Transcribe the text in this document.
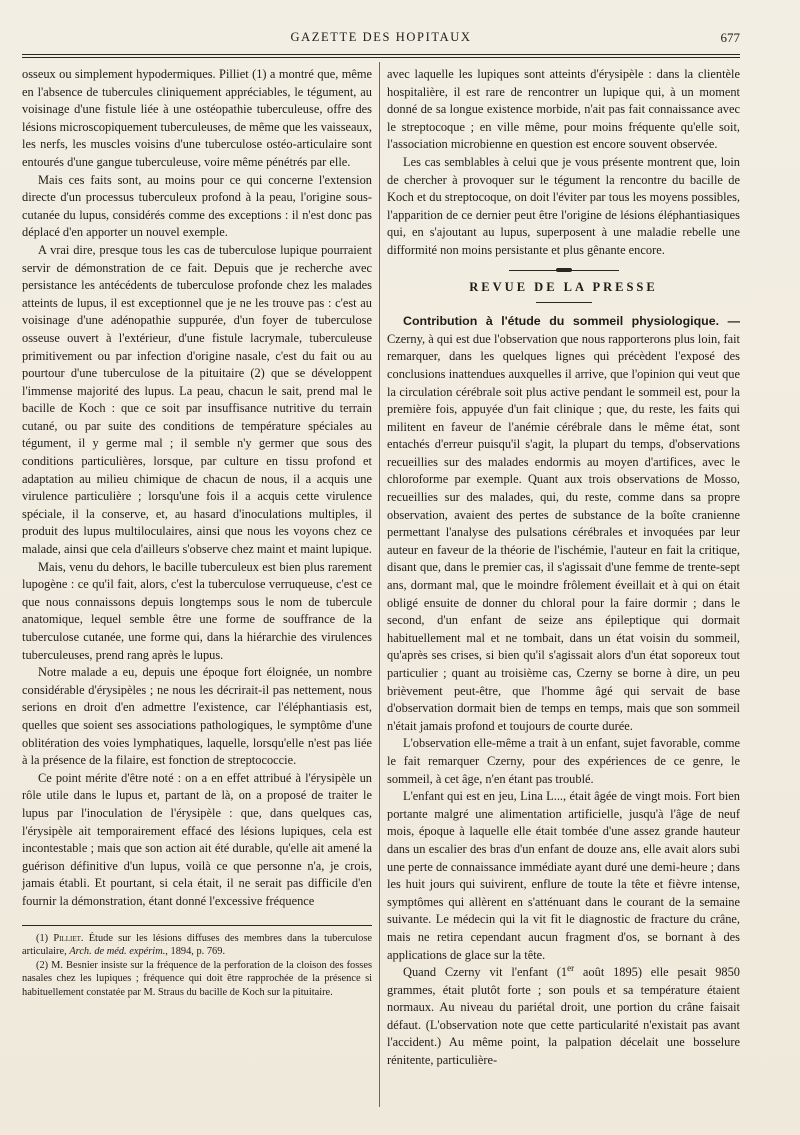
GAZETTE DES HOPITAUX	677

osseux ou simplement hypodermiques. Pilliet (1) a montré que, même en l'absence de tubercules cliniquement appréciables, le tégument, au voisinage d'une fistule liée à une ostéopathie tuberculeuse, offre des lésions microscopiquement tuberculeuses, de même que les vaisseaux, les nerfs, les muscles voisins d'une tuberculose ostéo-articulaire sont entourés d'une gangue tuberculeuse, voire même pénétrés par elle.

Mais ces faits sont, au moins pour ce qui concerne l'extension directe d'un processus tuberculeux profond à la peau, l'origine sous-cutanée du lupus, considérés comme des exceptions : il n'est donc pas déplacé d'en apporter un nouvel exemple.

A vrai dire, presque tous les cas de tuberculose lupique pourraient servir de démonstration de ce fait. Depuis que je recherche avec persistance les antécédents de tuberculose profonde chez les malades atteints de lupus, il est exceptionnel que je ne les trouve pas : c'est au voisinage d'une adénopathie suppurée, d'un foyer de tuberculose osseuse ouvert à l'extérieur, d'une fistule lacrymale, tuberculeuse primitivement ou par infection d'origine nasale, c'est du fait ou au pourtour d'une tuberculose de la pituitaire (2) que se développent l'immense majorité des lupus. La peau, chacun le sait, prend mal le bacille de Koch : que ce soit par insuffisance nutritive du terrain cutané, ou par suite des conditions de température spéciales au tégument, il y germe mal ; il semble n'y germer que sous des conditions particulières, lorsque, par culture en tissu profond et adaptation au milieu chimique de chacun de nous, il a acquis une virulence particulière ; lorsqu'une fois il a acquis cette virulence spéciale, il la conserve, et, au hasard d'inoculations multiples, il produit des lupus multiloculaires, ainsi que nous les voyons chez ce malade, ainsi que cela d'ailleurs s'observe chez maint et maint lupique.

Mais, venu du dehors, le bacille tuberculeux est bien plus rarement lupogène : ce qu'il fait, alors, c'est la tuberculose verruqueuse, c'est ce que nous connaissons depuis longtemps sous le nom de tubercule anatomique, lequel semble être une forme de souffrance de la tuberculose cutanée, une forme qui, dans la hiérarchie des virulences tuberculeuses, prend rang après le lupus.

Notre malade a eu, depuis une époque fort éloignée, un nombre considérable d'érysipèles ; ne nous les décrirait-il pas nettement, nous serions en droit d'en admettre l'existence, car l'éléphantiasis est, quelles que soient ses associations pathologiques, le symptôme d'une oblitération des voies lymphatiques, laquelle, lorsqu'elle n'est pas liée à la présence de la filaire, est fonction de streptococcie.

Ce point mérite d'être noté : on a en effet attribué à l'érysipèle un rôle utile dans le lupus et, partant de là, on a proposé de traiter le lupus par l'inoculation de l'érysipèle : que, dans quelques cas, l'érysipèle ait temporairement effacé des lésions lupiques, cela est incontestable ; mais que son action ait été durable, qu'elle ait amené la guérison définitive d'un lupus, voilà ce que personne n'a, je crois, jamais établi. Et pourtant, si cela était, il ne serait pas difficile d'en fournir la démonstration, étant donné l'excessive fréquence

(1) Pilliet. Étude sur les lésions diffuses des membres dans la tuberculose articulaire, Arch. de méd. expérim., 1894, p. 769.

(2) M. Besnier insiste sur la fréquence de la perforation de la cloison des fosses nasales chez les lupiques ; fréquence qui doit être rapprochée de la présence si habituellement constatée par M. Straus du bacille de Koch sur la pituitaire.

avec laquelle les lupiques sont atteints d'érysipèle : dans la clientèle hospitalière, il est rare de rencontrer un lupique qui, à un moment donné de sa longue existence morbide, n'ait pas fait connaissance avec le streptocoque ; en ville même, pour moins fréquente qu'elle soit, l'association microbienne en question est encore souvent observée.

Les cas semblables à celui que je vous présente montrent que, loin de chercher à provoquer sur le tégument la rencontre du bacille de Koch et du streptocoque, on doit l'éviter par tous les moyens possibles, l'apparition de ce dernier peut être l'origine de lésions éléphantiasiques qui, en s'ajoutant au lupus, superposent à une maladie rebelle une difformité non moins persistante et plus gênante encore.

REVUE DE LA PRESSE

Contribution à l'étude du sommeil physiologique. — Czerny, à qui est due l'observation que nous rapporterons plus loin, fait remarquer, dans les quelques lignes qui précèdent l'exposé des conclusions inattendues auxquelles il arrive, que l'opinion qui veut que la circulation cérébrale soit plus active pendant le sommeil est, pour la première fois, appuyée d'un fait clinique ; que, du reste, les faits qui militent en faveur de l'anémie cérébrale dans le même état, sont entachés d'erreur puisqu'il s'agit, la plupart du temps, d'observations recueillies sur des malades endormis au moyen d'artifices, avec le chloroforme par exemple. Quant aux trois observations de Mosso, recueillies sur des malades, qui, du reste, comme dans sa propre observation, avaient des pertes de substance de la boîte cranienne permettant l'analyse des pulsations cérébrales et invoquées par leur auteur en faveur de la théorie de l'ischémie, l'auteur en fait la critique, disant que, dans le premier cas, il s'agissait d'une femme de trente-sept ans, dormant mal, que le moindre frôlement éveillait et à qui on était obligé ensuite de donner du chloral pour la faire dormir ; dans le second, d'un enfant de seize ans épileptique qui dormait habituellement mal et ne tombait, dans un état voisin du sommeil, qu'après ses crises, si bien qu'il s'agissait alors d'un état soporeux tout particulier ; quant au troisième cas, Czerny se borne à dire, un peu brièvement peut-être, que l'homme âgé qui servait de base d'observation dormait bien de temps en temps, mais que son sommeil n'était jamais profond et toujours de courte durée.

L'observation elle-même a trait à un enfant, sujet favorable, comme le fait remarquer Czerny, pour des expériences de ce genre, le sommeil, à cet âge, n'en étant pas troublé.

L'enfant qui est en jeu, Lina L..., était âgée de vingt mois. Fort bien portante malgré une alimentation artificielle, jusqu'à l'âge de neuf mois, époque à laquelle elle était tombée d'une assez grande hauteur dans un escalier des bras d'un enfant de douze ans, elle avait alors subi une perte de connaissance immédiate ayant duré une demi-heure ; dans les huit jours qui suivirent, enflure de toute la tête et fièvre intense, symptômes qui allèrent en s'atténuant dans le courant de la semaine suivante. Le médecin qui la vit fit le diagnostic de fracture du crâne, mais ne retira cependant aucun fragment d'os, se bornant à des applications de glace sur la tête.

Quand Czerny vit l'enfant (1er août 1895) elle pesait 9850 grammes, était plutôt forte ; son pouls et sa température étaient normaux. Au niveau du pariétal droit, une portion du crâne faisait défaut. (L'observation note que cette particularité n'existait pas avant l'accident.) Au même point, la palpation décelait une bosselure rénitente, particulière-
